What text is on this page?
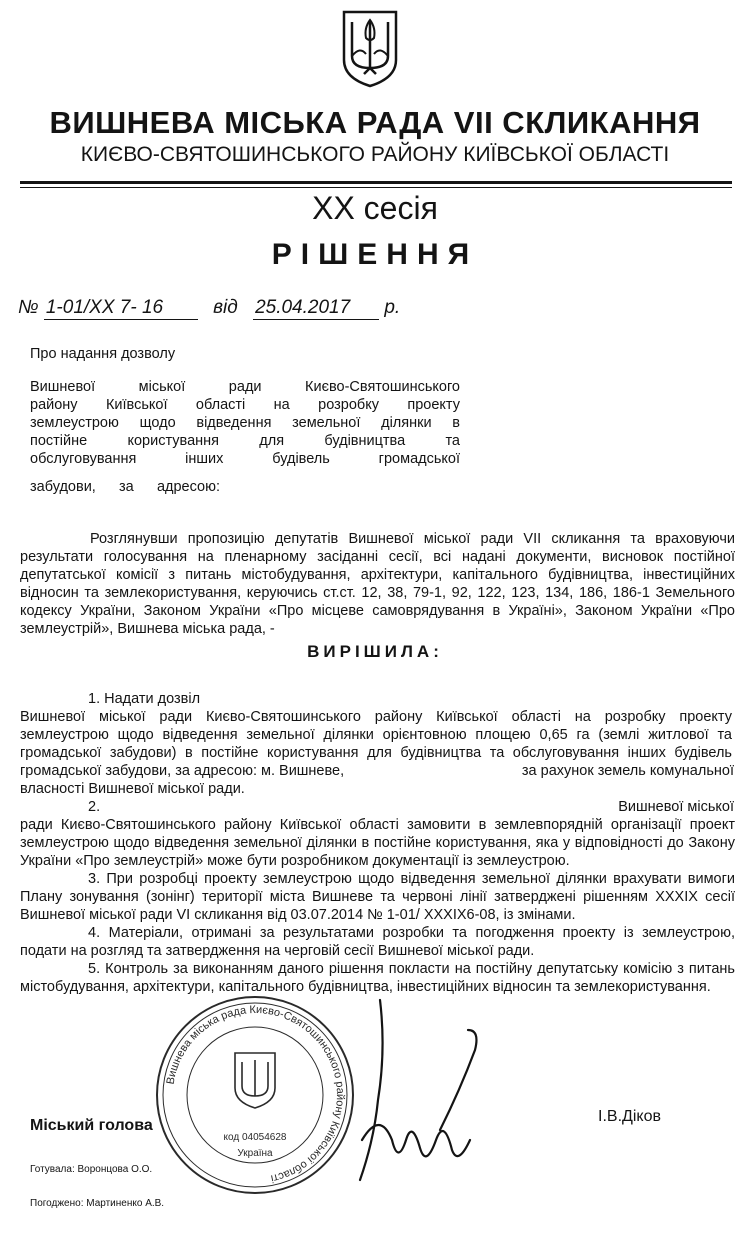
ВИШНЕВА МІСЬКА РАДА VII СКЛИКАННЯ
КИЄВО-СВЯТОШИНСЬКОГО РАЙОНУ КИЇВСЬКОЇ ОБЛАСТІ
XX сесія
РІШЕННЯ
№ 1-01/XX 7- 16	від 25.04.2017 р.
Про надання дозволу
Вишневої міської ради Києво-Святошинського
району Київської області на розробку проекту
землеустрою щодо відведення земельної ділянки в
постійне користування для будівництва та
обслуговування інших будівель громадської
забудови, за адресою:
Розглянувши пропозицію депутатів Вишневої міської ради VII скликання та враховуючи результати голосування на пленарному засіданні сесії, всі надані документи, висновок постійної депутатської комісії з питань містобудування, архітектури, капітального будівництва, інвестиційних відносин та землекористування, керуючись ст.ст. 12, 38, 79-1, 92, 122, 123, 134, 186, 186-1 Земельного кодексу України, Законом України «Про місцеве самоврядування в Україні», Законом України «Про землеустрій», Вишнева міська рада, -
ВИРІШИЛА:
1. Надати дозвіл
Вишневої міської ради Києво-Святошинського району Київської області на розробку проекту землеустрою щодо відведення земельної ділянки орієнтовною площею 0,65 га (землі житлової та громадської забудови) в постійне користування для будівництва та обслуговування інших будівель громадської забудови, за адресою: м. Вишневе,	за рахунок земель комунальної
власності Вишневої міської ради.
2.	Вишневої міської
ради Києво-Святошинського району Київської області замовити в землевпорядній організації проект землеустрою щодо відведення земельної ділянки в постійне користування, яка у відповідності до Закону України «Про землеустрій» може бути розробником документації із землеустрою.
3. При розробці проекту землеустрою щодо відведення земельної ділянки врахувати вимоги Плану зонування (зонінг) території міста Вишневе та червоні лінії затверджені рішенням XXXIX сесії Вишневої міської ради VI скликання від 03.07.2014 № 1-01/ XXXIX6-08, із змінами.
4. Матеріали, отримані за результатами розробки та погодження проекту із землеустрою, подати на розгляд та затвердження на черговій сесії Вишневої міської ради.
5. Контроль за виконанням даного рішення покласти на постійну депутатську комісію з питань містобудування, архітектури, капітального будівництва, інвестиційних відносин та землекористування.
Вишнева міська рада Києво-Святошинського району Київської області
код 04054628
Україна
Міський голова
І.В.Діков
Готувала: Воронцова О.О.
Погоджено: Мартиненко А.В.
